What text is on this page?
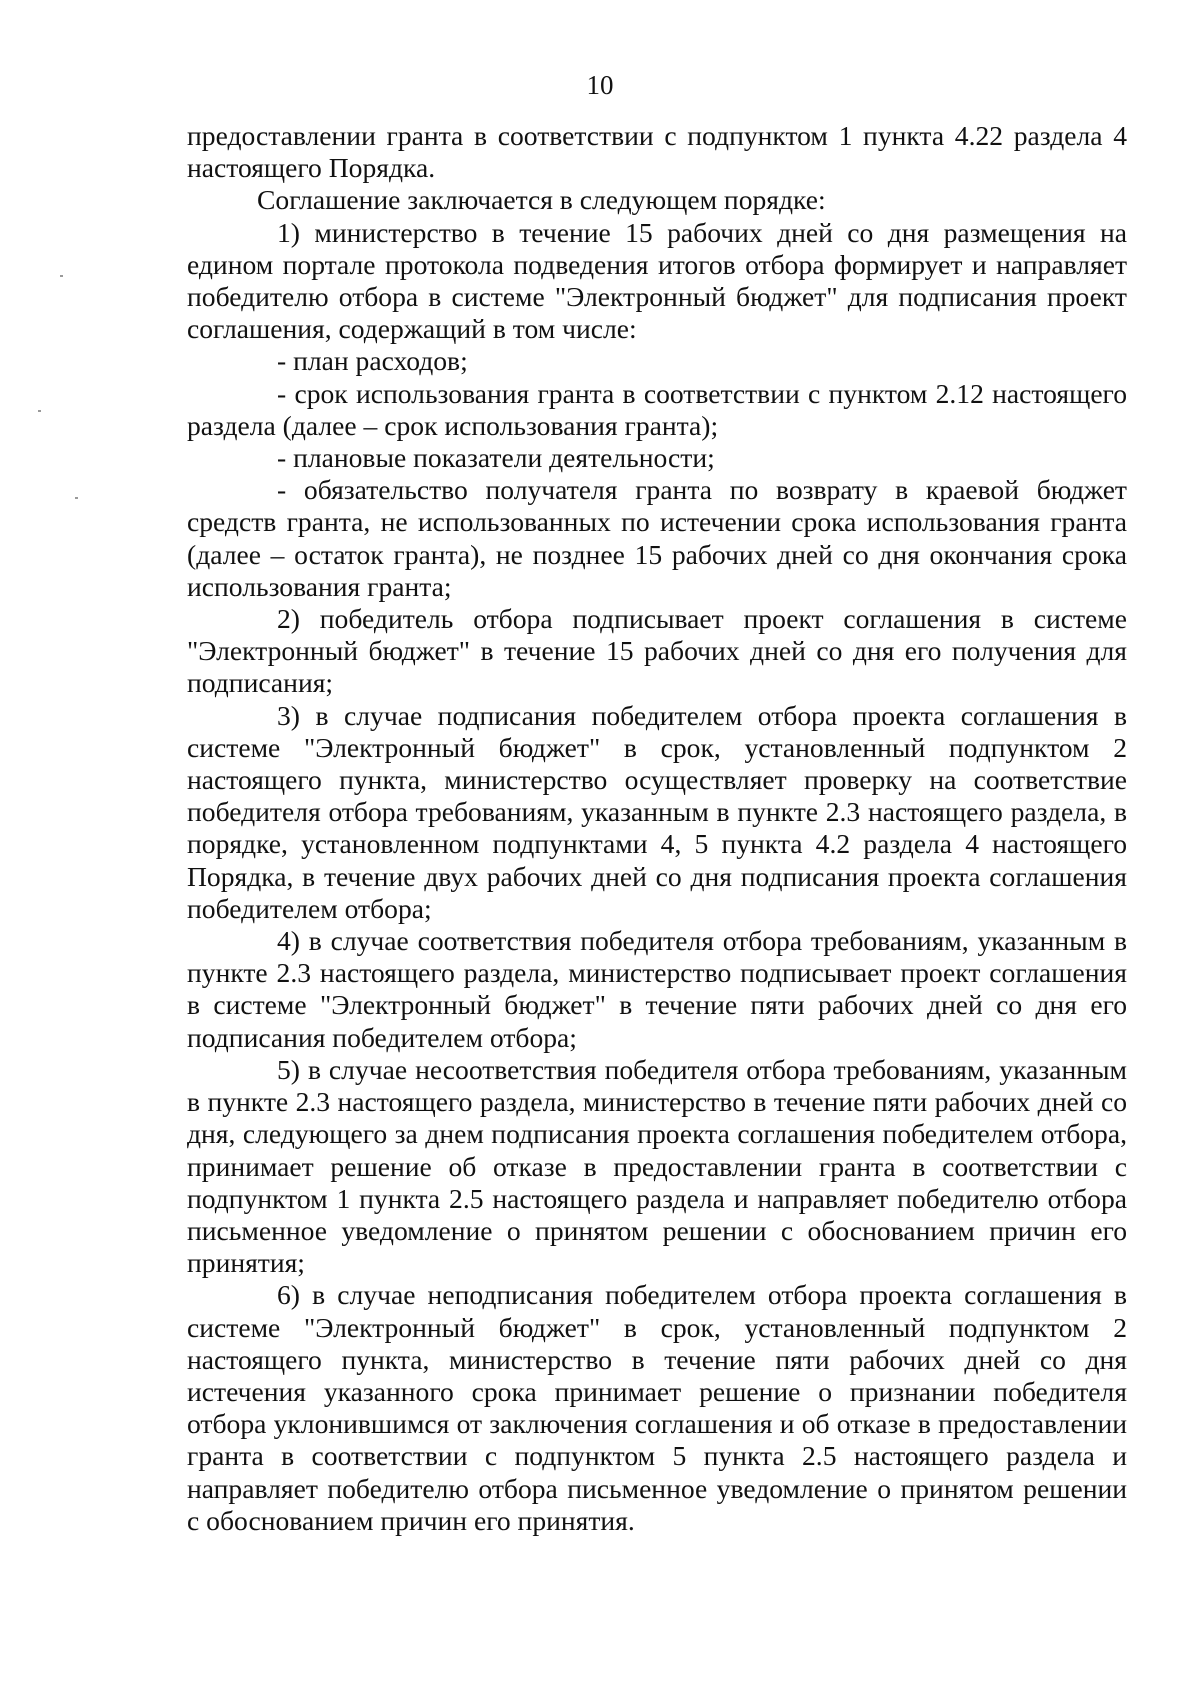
10

предоставлении гранта в соответствии с подпунктом 1 пункта 4.22 раздела 4 настоящего Порядка.

Соглашение заключается в следующем порядке:

1) министерство в течение 15 рабочих дней со дня размещения на едином портале протокола подведения итогов отбора формирует и направляет победителю отбора в системе "Электронный бюджет" для подписания проект соглашения, содержащий в том числе:

- план расходов;

- срок использования гранта в соответствии с пунктом 2.12 настоящего раздела (далее – срок использования гранта);

- плановые показатели деятельности;

- обязательство получателя гранта по возврату в краевой бюджет средств гранта, не использованных по истечении срока использования гранта (далее – остаток гранта), не позднее 15 рабочих дней со дня окончания срока использования гранта;

2) победитель отбора подписывает проект соглашения в системе "Электронный бюджет" в течение 15 рабочих дней со дня его получения для подписания;

3) в случае подписания победителем отбора проекта соглашения в системе "Электронный бюджет" в срок, установленный подпунктом 2 настоящего пункта, министерство осуществляет проверку на соответствие победителя отбора требованиям, указанным в пункте 2.3 настоящего раздела, в порядке, установленном подпунктами 4, 5 пункта 4.2 раздела 4 настоящего Порядка, в течение двух рабочих дней со дня подписания проекта соглашения победителем отбора;

4) в случае соответствия победителя отбора требованиям, указанным в пункте 2.3 настоящего раздела, министерство подписывает проект соглашения в системе "Электронный бюджет" в течение пяти рабочих дней со дня его подписания победителем отбора;

5) в случае несоответствия победителя отбора требованиям, указанным в пункте 2.3 настоящего раздела, министерство в течение пяти рабочих дней со дня, следующего за днем подписания проекта соглашения победителем отбора, принимает решение об отказе в предоставлении гранта в соответствии с подпунктом 1 пункта 2.5 настоящего раздела и направляет победителю отбора письменное уведомление о принятом решении с обоснованием причин его принятия;

6) в случае неподписания победителем отбора проекта соглашения в системе "Электронный бюджет" в срок, установленный подпунктом 2 настоящего пункта, министерство в течение пяти рабочих дней со дня истечения указанного срока принимает решение о признании победителя отбора уклонившимся от заключения соглашения и об отказе в предоставлении гранта в соответствии с подпунктом 5 пункта 2.5 настоящего раздела и направляет победителю отбора письменное уведомление о принятом решении с обоснованием причин его принятия.
